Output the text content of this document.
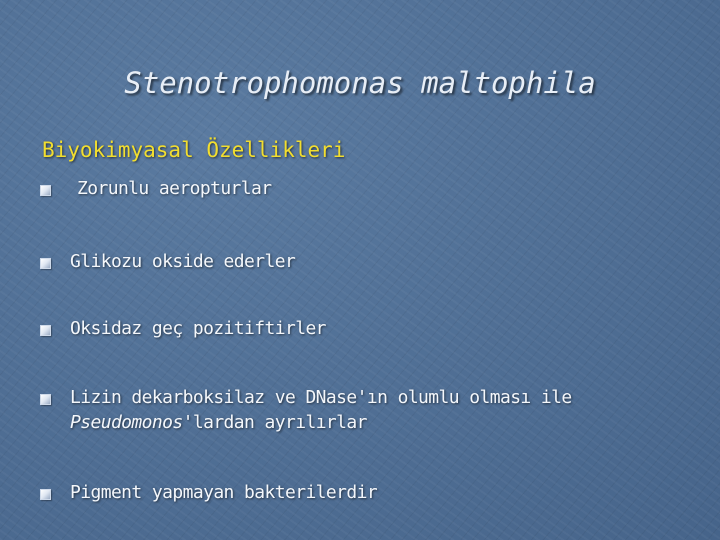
Stenotrophomonas maltophila
Biyokimyasal Özellikleri
Zorunlu aeropturlar
Glikozu okside ederler
Oksidaz geç pozitiftirler
Lizin dekarboksilaz ve DNase'ın olumlu olması ile
Pseudomonos'lardan ayrılırlar
Pigment yapmayan bakterilerdir
